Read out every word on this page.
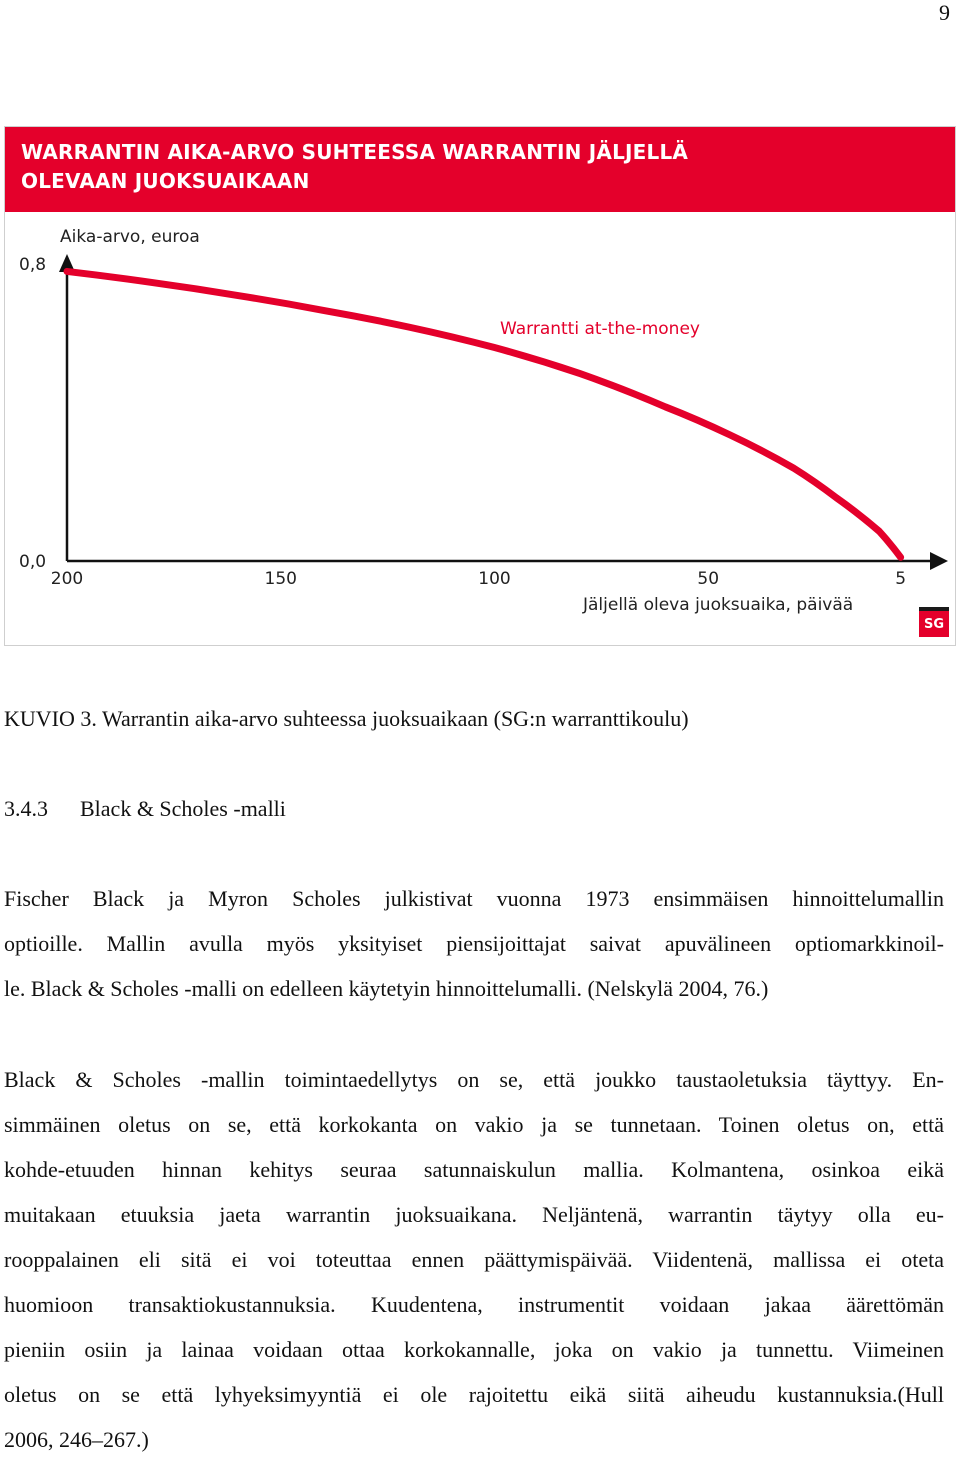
9
WARRANTIN AIKA-ARVO SUHTEESSA WARRANTIN JÄLJELLÄ
OLEVAAN JUOKSUAIKAAN
Aika-arvo, euroa
0,8
0,0
200	150	100	50	5
Warrantti at-the-money
Jäljellä oleva juoksuaika, päivää
SG
KUVIO 3. Warrantin aika-arvo suhteessa juoksuaikaan (SG:n warranttikoulu)
3.4.3 Black & Scholes -malli
Fischer Black ja Myron Scholes julkistivat vuonna 1973 ensimmäisen hinnoittelumallin
optioille. Mallin avulla myös yksityiset piensijoittajat saivat apuvälineen optiomarkkinoil-
le. Black & Scholes -malli on edelleen käytetyin hinnoittelumalli. (Nelskylä 2004, 76.)
Black & Scholes -mallin toimintaedellytys on se, että joukko taustaoletuksia täyttyy. En-
simmäinen oletus on se, että korkokanta on vakio ja se tunnetaan. Toinen oletus on, että
kohde-etuuden hinnan kehitys seuraa satunnaiskulun mallia. Kolmantena, osinkoa eikä
muitakaan etuuksia jaeta warrantin juoksuaikana. Neljäntenä, warrantin täytyy olla eu-
rooppalainen eli sitä ei voi toteuttaa ennen päättymispäivää. Viidentenä, mallissa ei oteta
huomioon transaktiokustannuksia. Kuudentena, instrumentit voidaan jakaa äärettömän
pieniin osiin ja lainaa voidaan ottaa korkokannalle, joka on vakio ja tunnettu. Viimeinen
oletus on se että lyhyeksimyyntiä ei ole rajoitettu eikä siitä aiheudu kustannuksia.(Hull
2006, 246–267.)
